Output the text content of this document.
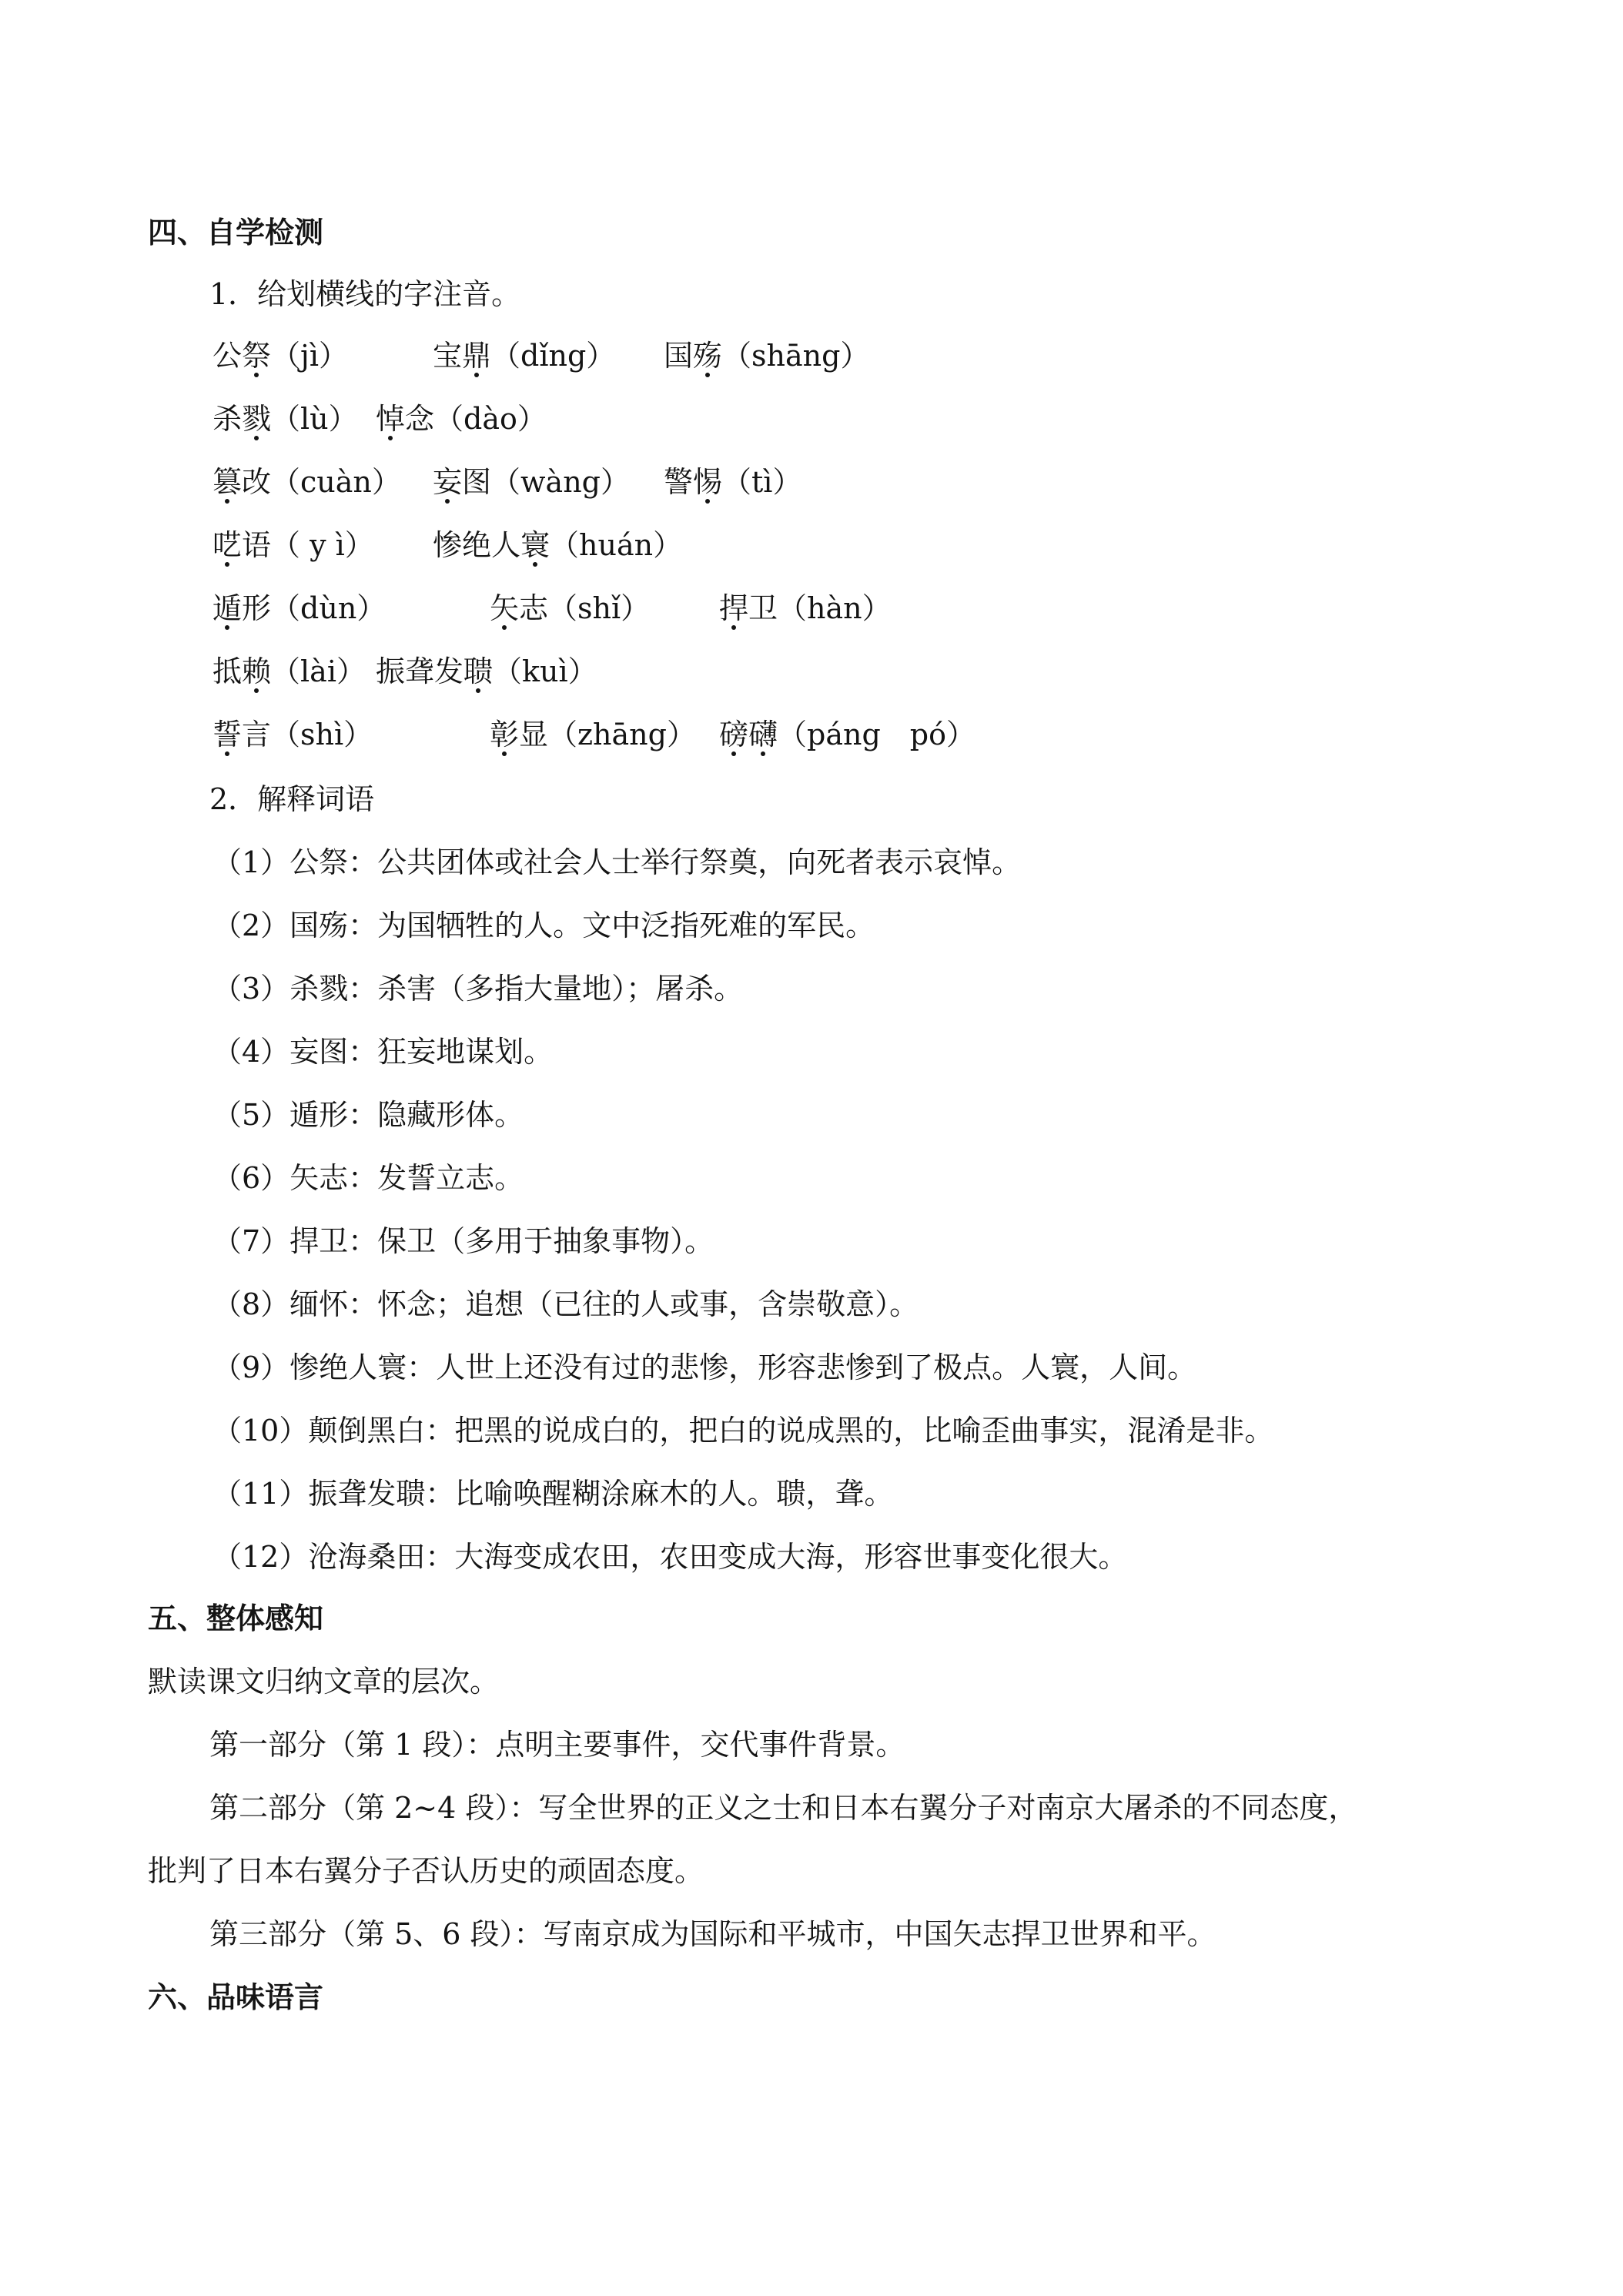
四、自学检测
1．给划横线的字注音。
公祭（jì）	宝鼎（dǐng） 国殇（shāng）
杀戮（lù） 悼念（dào）
篡改（cuàn） 妄图（wàng） 警惕（tì）
呓语（ y ì） 惨绝人寰（huán）
遁形（dùn）	矢志（shǐ） 捍卫（hàn）
抵赖（lài） 振聋发聩（kuì）
誓言（shì）	彰显（zhāng） 磅礴（páng　pó）
2．解释词语
（1）公祭：公共团体或社会人士举行祭奠，向死者表示哀悼。
（2）国殇：为国牺牲的人。文中泛指死难的军民。
（3）杀戮：杀害（多指大量地）；屠杀。
（4）妄图：狂妄地谋划。
（5）遁形：隐藏形体。
（6）矢志：发誓立志。
（7）捍卫：保卫（多用于抽象事物）。
（8）缅怀：怀念；追想（已往的人或事，含崇敬意）。
（9）惨绝人寰：人世上还没有过的悲惨，形容悲惨到了极点。人寰，人间。
（10）颠倒黑白：把黑的说成白的，把白的说成黑的，比喻歪曲事实，混淆是非。
（11）振聋发聩：比喻唤醒糊涂麻木的人。聩，聋。
（12）沧海桑田：大海变成农田，农田变成大海，形容世事变化很大。
五、整体感知
默读课文归纳文章的层次。
第一部分（第 1 段）：点明主要事件，交代事件背景。
第二部分（第 2~4 段）：写全世界的正义之士和日本右翼分子对南京大屠杀的不同态度，
批判了日本右翼分子否认历史的顽固态度。
第三部分（第 5、6 段）：写南京成为国际和平城市，中国矢志捍卫世界和平。
六、品味语言
